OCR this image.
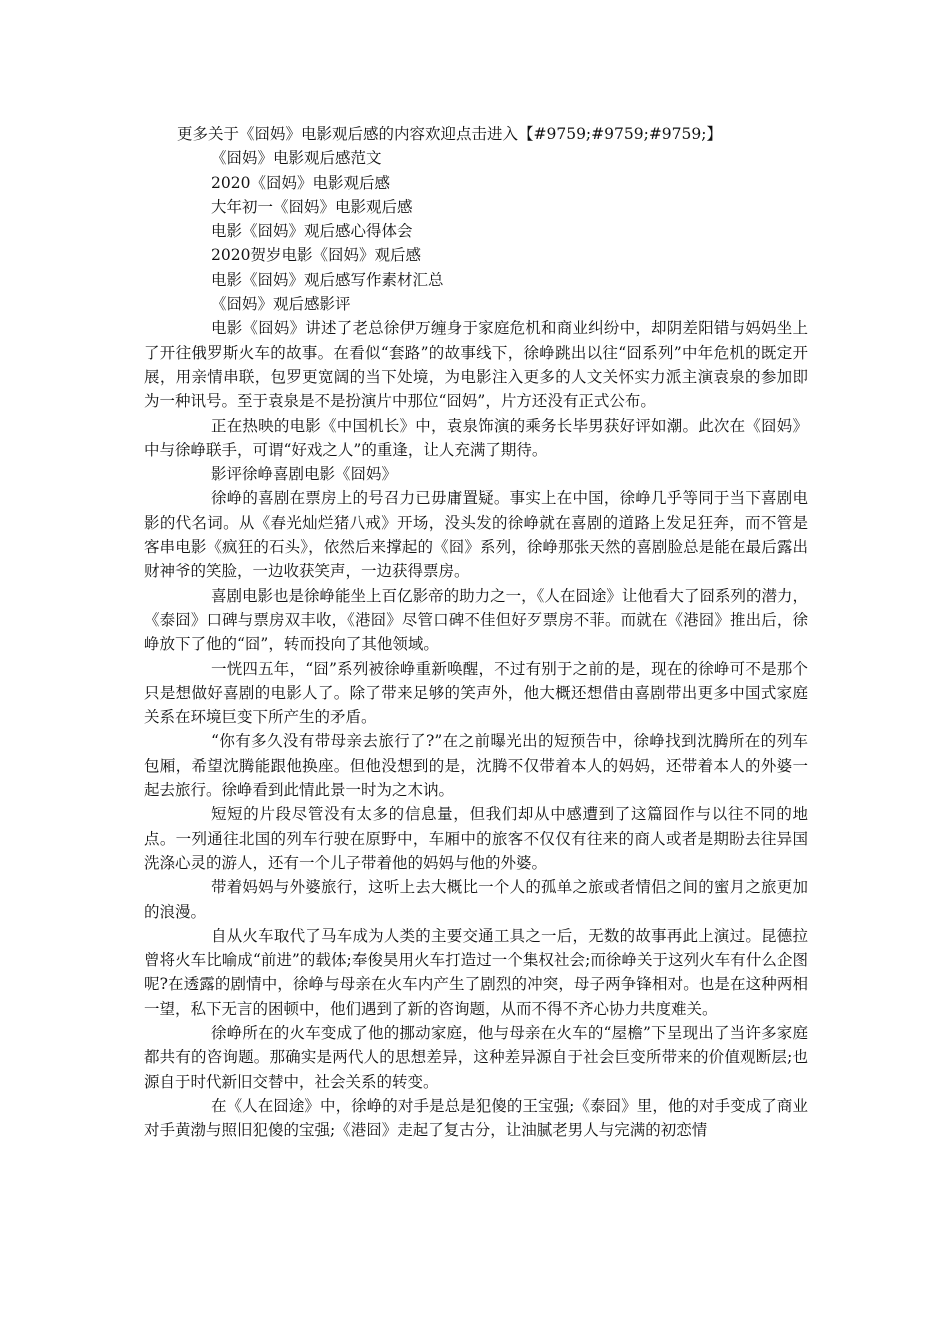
更多关于《囧妈》电影观后感的内容欢迎点击进入【#9759;#9759;#9759;】
《囧妈》电影观后感范文
2020《囧妈》电影观后感
大年初一《囧妈》电影观后感
电影《囧妈》观后感心得体会
2020贺岁电影《囧妈》观后感
电影《囧妈》观后感写作素材汇总
《囧妈》观后感影评

电影《囧妈》讲述了老总徐伊万缠身于家庭危机和商业纠纷中，却阴差阳错与妈妈坐上了开往俄罗斯火车的故事。在看似“套路”的故事线下，徐峥跳出以往“囧系列”中年危机的既定开展，用亲情串联，包罗更宽阔的当下处境，为电影注入更多的人文关怀实力派主演袁泉的参加即为一种讯号。至于袁泉是不是扮演片中那位“囧妈”，片方还没有正式公布。

正在热映的电影《中国机长》中，袁泉饰演的乘务长毕男获好评如潮。此次在《囧妈》中与徐峥联手，可谓“好戏之人”的重逢，让人充满了期待。

影评徐峥喜剧电影《囧妈》

徐峥的喜剧在票房上的号召力已毋庸置疑。事实上在中国，徐峥几乎等同于当下喜剧电影的代名词。从《春光灿烂猪八戒》开场，没头发的徐峥就在喜剧的道路上发足狂奔，而不管是客串电影《疯狂的石头》，依然后来撑起的《囧》系列，徐峥那张天然的喜剧脸总是能在最后露出财神爷的笑脸，一边收获笑声，一边获得票房。

喜剧电影也是徐峥能坐上百亿影帝的助力之一，《人在囧途》让他看大了囧系列的潜力，《泰囧》口碑与票房双丰收，《港囧》尽管口碑不佳但好歹票房不菲。而就在《港囧》推出后，徐峥放下了他的“囧”，转而投向了其他领域。

一恍四五年，“囧”系列被徐峥重新唤醒，不过有别于之前的是，现在的徐峥可不是那个只是想做好喜剧的电影人了。除了带来足够的笑声外，他大概还想借由喜剧带出更多中国式家庭关系在环境巨变下所产生的矛盾。

“你有多久没有带母亲去旅行了?”在之前曝光出的短预告中，徐峥找到沈腾所在的列车包厢，希望沈腾能跟他换座。但他没想到的是，沈腾不仅带着本人的妈妈，还带着本人的外婆一起去旅行。徐峥看到此情此景一时为之木讷。

短短的片段尽管没有太多的信息量，但我们却从中感遭到了这篇囧作与以往不同的地点。一列通往北国的列车行驶在原野中，车厢中的旅客不仅仅有往来的商人或者是期盼去往异国洗涤心灵的游人，还有一个儿子带着他的妈妈与他的外婆。

带着妈妈与外婆旅行，这听上去大概比一个人的孤单之旅或者情侣之间的蜜月之旅更加的浪漫。

自从火车取代了马车成为人类的主要交通工具之一后，无数的故事再此上演过。昆德拉曾将火车比喻成“前进”的载体;奉俊昊用火车打造过一个集权社会;而徐峥关于这列火车有什么企图呢?在透露的剧情中，徐峥与母亲在火车内产生了剧烈的冲突，母子两争锋相对。也是在这种两相一望，私下无言的困顿中，他们遇到了新的咨询题，从而不得不齐心协力共度难关。

徐峥所在的火车变成了他的挪动家庭，他与母亲在火车的“屋檐”下呈现出了当许多家庭都共有的咨询题。那确实是两代人的思想差异，这种差异源自于社会巨变所带来的价值观断层;也源自于时代新旧交替中，社会关系的转变。

在《人在囧途》中，徐峥的对手是总是犯傻的王宝强;《泰囧》里，他的对手变成了商业对手黄渤与照旧犯傻的宝强;《港囧》走起了复古分，让油腻老男人与完满的初恋情
